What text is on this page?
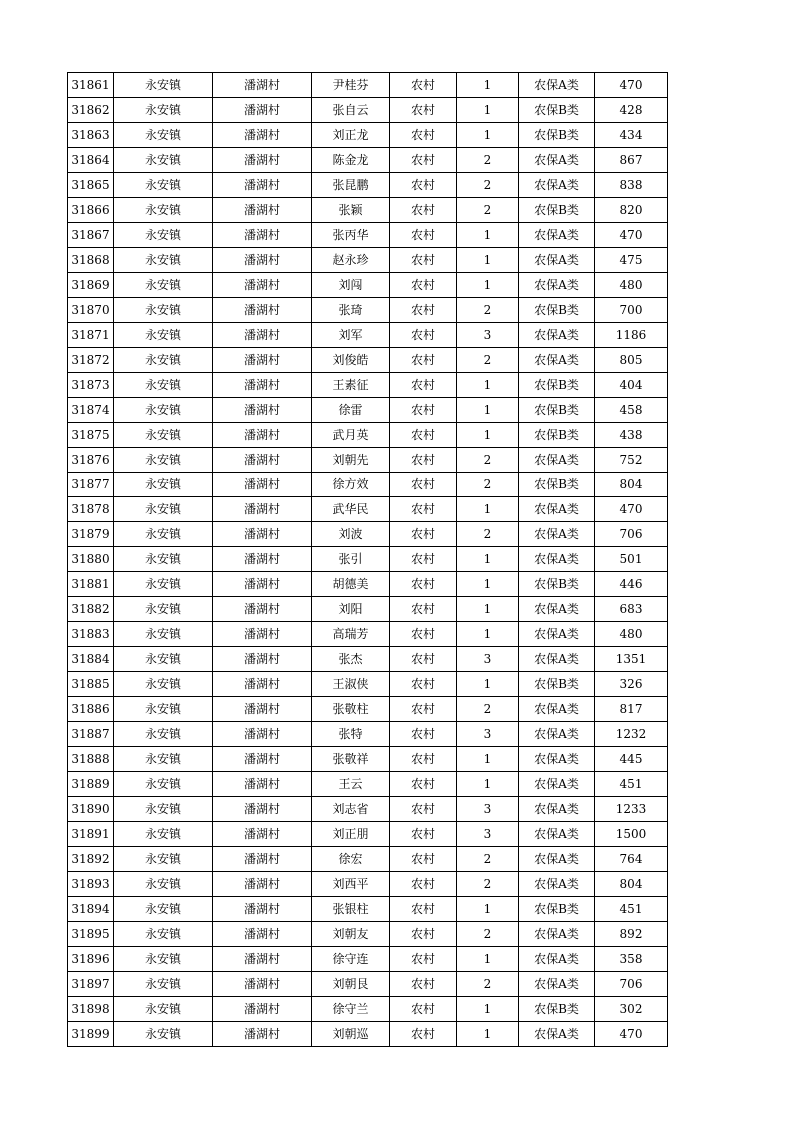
31861	永安镇	潘湖村	尹桂芬	农村	1	农保A类	470
31862	永安镇	潘湖村	张自云	农村	1	农保B类	428
31863	永安镇	潘湖村	刘正龙	农村	1	农保B类	434
31864	永安镇	潘湖村	陈金龙	农村	2	农保A类	867
31865	永安镇	潘湖村	张昆鹏	农村	2	农保A类	838
31866	永安镇	潘湖村	张颖	农村	2	农保B类	820
31867	永安镇	潘湖村	张丙华	农村	1	农保A类	470
31868	永安镇	潘湖村	赵永珍	农村	1	农保A类	475
31869	永安镇	潘湖村	刘闯	农村	1	农保A类	480
31870	永安镇	潘湖村	张琦	农村	2	农保B类	700
31871	永安镇	潘湖村	刘军	农村	3	农保A类	1186
31872	永安镇	潘湖村	刘俊皓	农村	2	农保A类	805
31873	永安镇	潘湖村	王素征	农村	1	农保B类	404
31874	永安镇	潘湖村	徐雷	农村	1	农保B类	458
31875	永安镇	潘湖村	武月英	农村	1	农保B类	438
31876	永安镇	潘湖村	刘朝先	农村	2	农保A类	752
31877	永安镇	潘湖村	徐方效	农村	2	农保B类	804
31878	永安镇	潘湖村	武华民	农村	1	农保A类	470
31879	永安镇	潘湖村	刘波	农村	2	农保A类	706
31880	永安镇	潘湖村	张引	农村	1	农保A类	501
31881	永安镇	潘湖村	胡德美	农村	1	农保B类	446
31882	永安镇	潘湖村	刘阳	农村	1	农保A类	683
31883	永安镇	潘湖村	高瑞芳	农村	1	农保A类	480
31884	永安镇	潘湖村	张杰	农村	3	农保A类	1351
31885	永安镇	潘湖村	王淑侠	农村	1	农保B类	326
31886	永安镇	潘湖村	张敬柱	农村	2	农保A类	817
31887	永安镇	潘湖村	张特	农村	3	农保A类	1232
31888	永安镇	潘湖村	张敬祥	农村	1	农保A类	445
31889	永安镇	潘湖村	王云	农村	1	农保A类	451
31890	永安镇	潘湖村	刘志省	农村	3	农保A类	1233
31891	永安镇	潘湖村	刘正朋	农村	3	农保A类	1500
31892	永安镇	潘湖村	徐宏	农村	2	农保A类	764
31893	永安镇	潘湖村	刘西平	农村	2	农保A类	804
31894	永安镇	潘湖村	张银柱	农村	1	农保B类	451
31895	永安镇	潘湖村	刘朝友	农村	2	农保A类	892
31896	永安镇	潘湖村	徐守连	农村	1	农保A类	358
31897	永安镇	潘湖村	刘朝艮	农村	2	农保A类	706
31898	永安镇	潘湖村	徐守兰	农村	1	农保B类	302
31899	永安镇	潘湖村	刘朝巡	农村	1	农保A类	470
